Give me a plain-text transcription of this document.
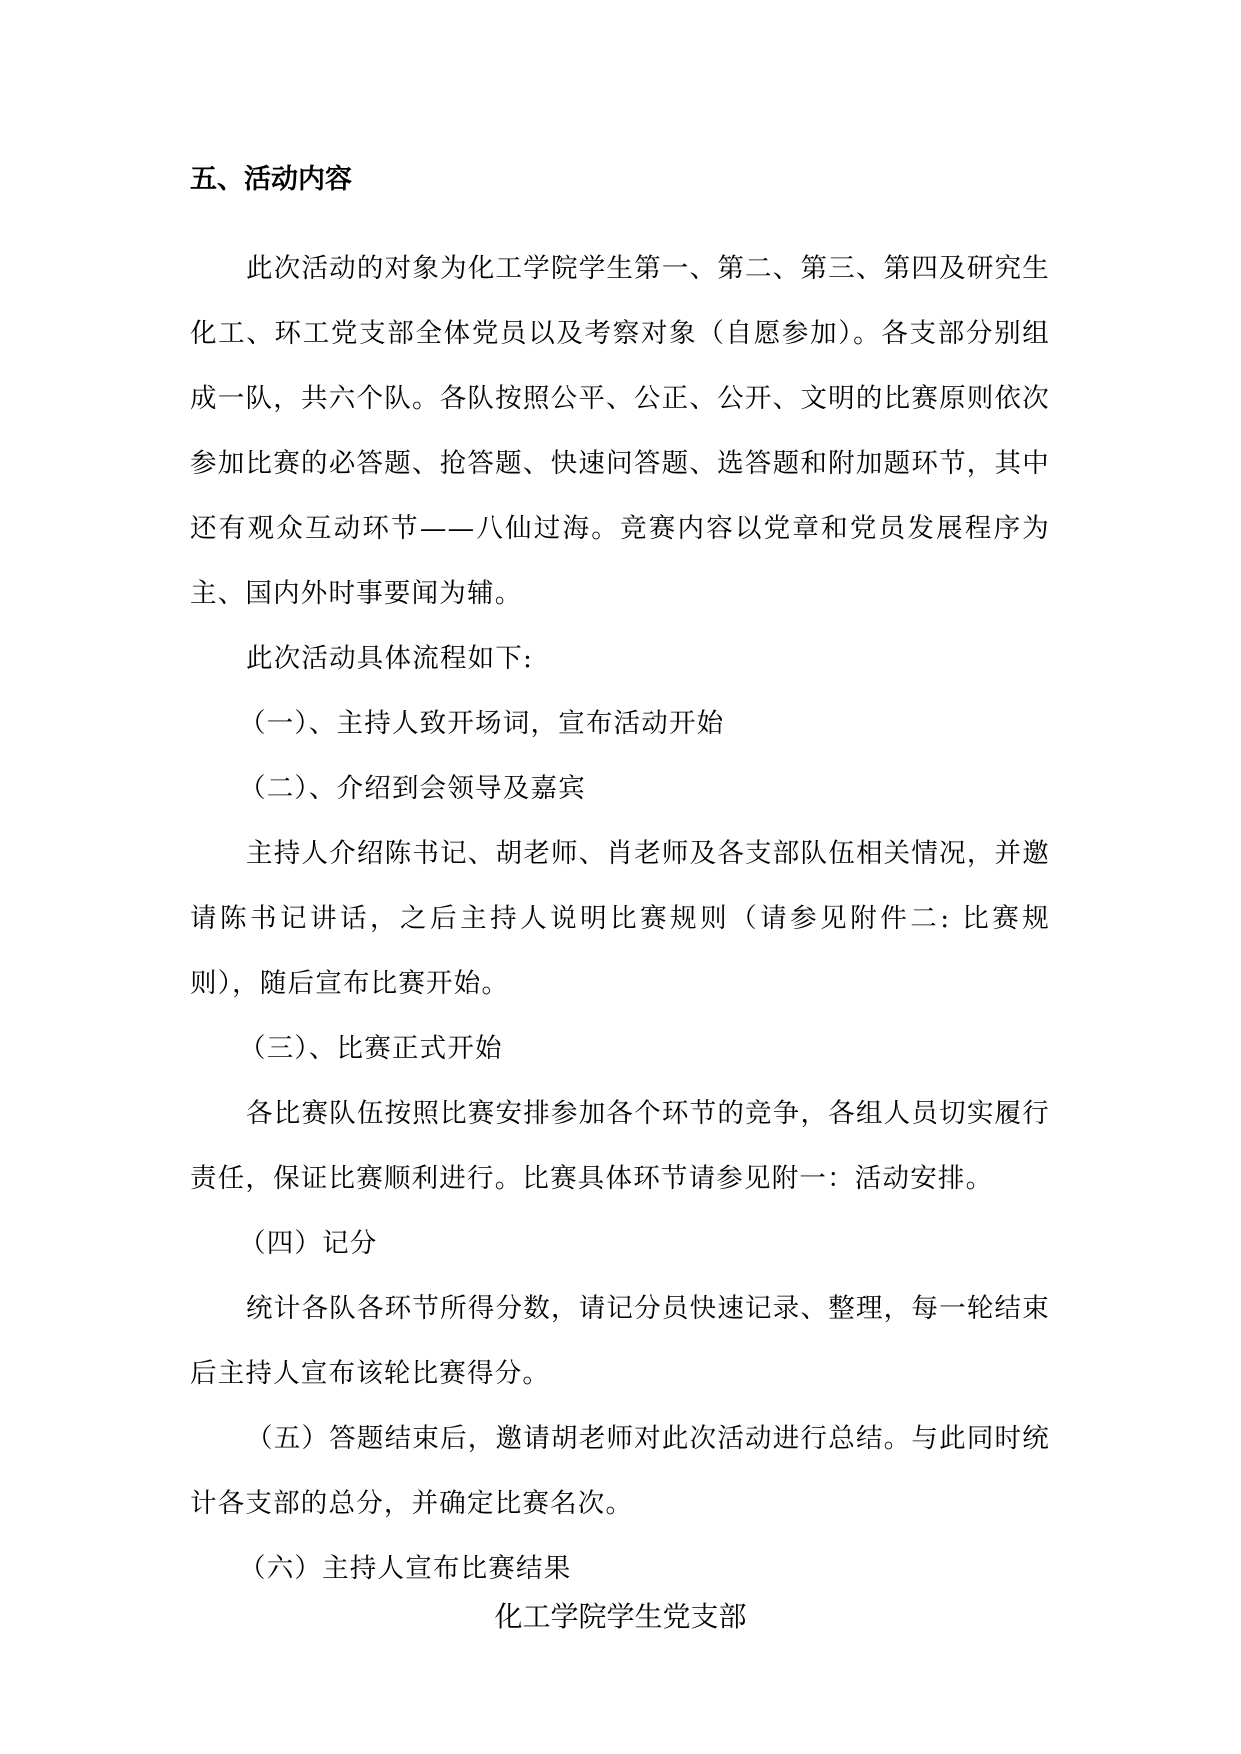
五、活动内容

此次活动的对象为化工学院学生第一、第二、第三、第四及研究生化工、环工党支部全体党员以及考察对象（自愿参加）。各支部分别组成一队，共六个队。各队按照公平、公正、公开、文明的比赛原则依次参加比赛的必答题、抢答题、快速问答题、选答题和附加题环节，其中还有观众互动环节——八仙过海。竞赛内容以党章和党员发展程序为主、国内外时事要闻为辅。

此次活动具体流程如下:

（一）、主持人致开场词，宣布活动开始

（二）、介绍到会领导及嘉宾

主持人介绍陈书记、胡老师、肖老师及各支部队伍相关情况，并邀请陈书记讲话，之后主持人说明比赛规则（请参见附件二: 比赛规则），随后宣布比赛开始。

（三）、比赛正式开始

各比赛队伍按照比赛安排参加各个环节的竞争，各组人员切实履行责任，保证比赛顺利进行。比赛具体环节请参见附一：活动安排。

（四）记分

统计各队各环节所得分数，请记分员快速记录、整理，每一轮结束后主持人宣布该轮比赛得分。

（五）答题结束后，邀请胡老师对此次活动进行总结。与此同时统计各支部的总分，并确定比赛名次。

（六）主持人宣布比赛结果

化工学院学生党支部
